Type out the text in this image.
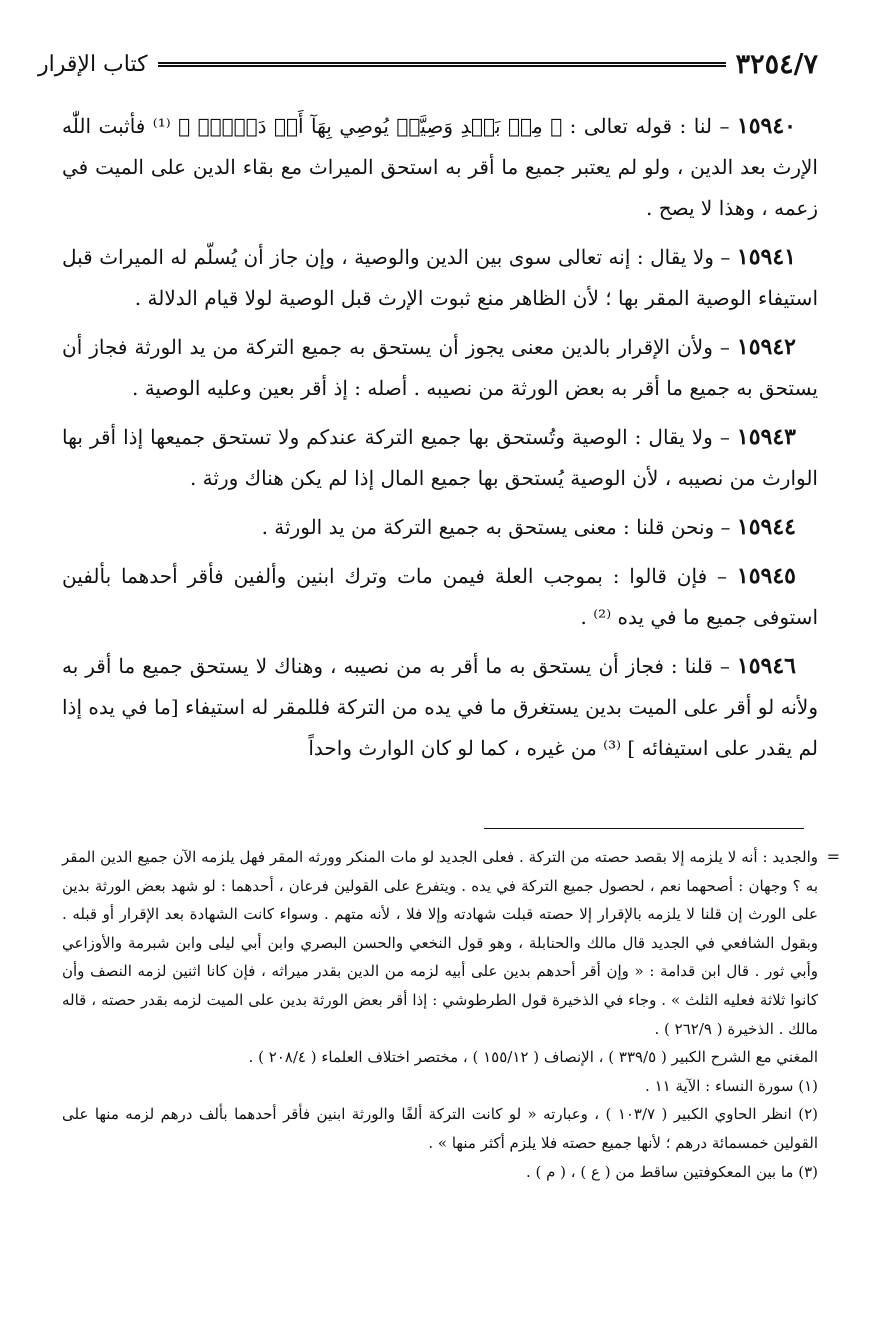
٣٢٥٤/٧
كتاب الإقرار

١٥٩٤٠ – لنا : قوله تعالى : ﴿ مِنۢ بَعۡدِ وَصِيَّةٖ يُوصِي بِهَآ أَوۡ دَيۡنٍۗ ﴾ ⁽¹⁾ فأثبت اللّٰه الإرث بعد الدين ، ولو لم يعتبر جميع ما أقر به استحق الميراث مع بقاء الدين على الميت في زعمه ، وهذا لا يصح .

١٥٩٤١ – ولا يقال : إنه تعالى سوى بين الدين والوصية ، وإن جاز أن يُسلّم له الميراث قبل استيفاء الوصية المقر بها ؛ لأن الظاهر منع ثبوت الإرث قبل الوصية لولا قيام الدلالة .

١٥٩٤٢ – ولأن الإقرار بالدين معنى يجوز أن يستحق به جميع التركة من يد الورثة فجاز أن يستحق به جميع ما أقر به بعض الورثة من نصيبه . أصله : إذ أقر بعين وعليه الوصية .

١٥٩٤٣ – ولا يقال : الوصية وتُستحق بها جميع التركة عندكم ولا تستحق جميعها إذا أقر بها الوارث من نصيبه ، لأن الوصية يُستحق بها جميع المال إذا لم يكن هناك ورثة .

١٥٩٤٤ – ونحن قلنا : معنى يستحق به جميع التركة من يد الورثة .

١٥٩٤٥ – فإن قالوا : بموجب العلة فيمن مات وترك ابنين وألفين فأقر أحدهما بألفين استوفى جميع ما في يده ⁽²⁾ .

١٥٩٤٦ – قلنا : فجاز أن يستحق به ما أقر به من نصيبه ، وهناك لا يستحق جميع ما أقر به ولأنه لو أقر على الميت بدين يستغرق ما في يده من التركة فللمقر له استيفاء [ما في يده إذا لم يقدر على استيفائه ] ⁽³⁾ من غيره ، كما لو كان الوارث واحداً

=
والجديد : أنه لا يلزمه إلا بقصد حصته من التركة . فعلى الجديد لو مات المنكر وورثه المقر فهل يلزمه الآن جميع الدين المقر به ؟ وجهان : أصحهما نعم ، لحصول جميع التركة في يده . ويتفرع على القولين فرعان ، أحدهما : لو شهد بعض الورثة بدين على الورث إن قلنا لا يلزمه بالإقرار إلا حصته قبلت شهادته وإلا فلا ، لأنه متهم . وسواء كانت الشهادة بعد الإقرار أو قبله . وبقول الشافعي في الجديد قال مالك والحنابلة ، وهو قول النخعي والحسن البصري وابن أبي ليلى وابن شبرمة والأوزاعي وأبي ثور . قال ابن قدامة : « وإن أقر أحدهم بدين على أبيه لزمه من الدين بقدر ميراثه ، فإن كانا اثنين لزمه النصف وأن كانوا ثلاثة فعليه الثلث » . وجاء في الذخيرة قول الطرطوشي : إذا أقر بعض الورثة بدين على الميت لزمه بقدر حصته ، قاله مالك . الذخيرة ( ٢٦٢/٩ ) .

المغني مع الشرح الكبير ( ٣٣٩/٥ ) ، الإنصاف ( ١٥٥/١٢ ) ، مختصر اختلاف العلماء ( ٢٠٨/٤ ) .

(١) سورة النساء : الآية ١١ .

(٢) انظر الحاوي الكبير ( ١٠٣/٧ ) ، وعبارته « لو كانت التركة ألفًا والورثة ابنين فأقر أحدهما بألف درهم لزمه منها على القولين خمسمائة درهم ؛ لأنها جميع حصته فلا يلزم أكثر منها » .

(٣) ما بين المعكوفتين ساقط من ( ع ) ، ( م ) .
